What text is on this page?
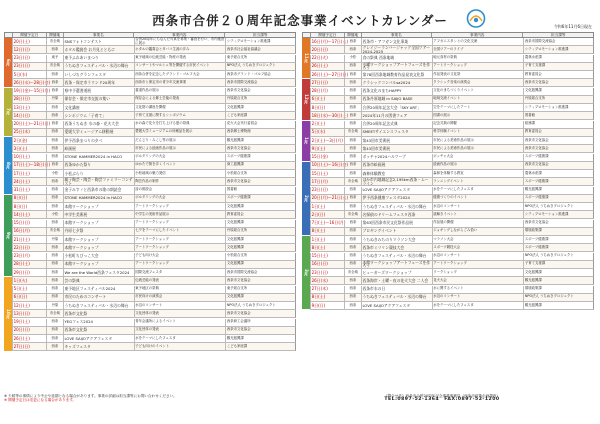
西条市合併２０周年記念事業イベントカレンダー	令和6年11月6日現在
開催予定日	開催地	事業名	事業内容	担当課等
20日(土)	市全域	SNSフォトコンテスト	合併20周年にちなんだ写真を募集・審査を行い、市内施設に展示	シティプロモーション推進課
12日(日)	西条	ホタル鑑賞会 お月見とともに	ホタルの鑑賞会とタバコ生涯の歩み	西条市社会福祉協議会
23日(日)	東予	東予ふれあいまつり	東予地域の伝統芸能・物産の発表	東予総合支所
23日(日)	市全域	うちぬきフェスティバル・水辺の舞台	コンサートやマルシェ等を開催する市民イベント	NPO法人 うちぬきプロジェクト
5日(水)	西条	いしづちグランフェスタ	西条合併を記念したグランド・ゴルフ大会	西条市グランド・ゴルフ協会
26日(水)〜28日(金) 西条	西条・保定市ラウンド20周年	西条市と保定市の青少年交流事業	西条市国際交流協会
19日(金)〜15日(月) 西条	県中予選書道展	書道作品の展示	西条市文化協会
28日(日)	丹原	保存会・保定市交流の集い	保存会による郷土芸能の発表	丹原総合支所
13日(土)	西条	文化講座	文化財の講座を開催	文化振興課
14日(日)	西条	シンポジウム「子育て」	子育て支援に関するシンポジウム	こども家庭課
20日(土)〜21日(日) 西条	西条うちぬき 水の森・花火大会	水の森で花火を打ち上げる夏の祭典	花火大会実行委員会
25日(木)	西条	愛媛大学ミュージアム移動展	愛媛大学ミュージアムの所蔵品を展示	西条郷土博物館
2日(金)	西条	伊予西条まつりの夕べ	だんじり・みこし等の展示	観光振興課
3日(土)	西条	絵画展	市民による絵画作品の展示	西条市文化協会
10日(土)	西条	STONE HAMMER2024 in HACO	ボルダリングの大会	スポーツ健康課
17日(土)〜18日(日) 西条	西条ゆかた祭り	ゆかたで街を歩くイベント	商工振興課
17日(土)	小松	小松ぶらり	小松地域の魅力発信	小松総合支所
24日(土)	西条	親子陶芸・陶芸・陶芸ファミリーコンテスト	陶芸作品の制作	西条市文化協会
31日(土)	西条	金子みすゞと西条市の歌の朗読会	詩の朗読会	図書館
8日(日)	西条	STONE HAMMER2024 in HACO	ボルダリングの大会	スポーツ健康課
8日(日)	西条	本館ワークショップ	アートワークショップ	文化振興課
14日(土)	小松	中学生美術展	中学生の美術作品展示	教育委員会
15日(日)	西条	本館ワークショップ	アートワークショップ	文化振興課
16日(月)	市全域	丹原七夕祭	七夕をテーマにしたイベント	丹原総合支所
21日(土)	丹原	本館ワークショップ	アートワークショップ	文化振興課
22日(日)	西条	本館ワークショップ	アートワークショップ	文化振興課
23日(月)	西条	小松町ちびっこ大会	子ども向け大会	小松総合支所
28日(土)	西条	本館ワークショップ	アートワークショップ	文化振興課
29日(日)	西条	We are the World西条フェスタ2024	国際交流フェスタ	西条市国際交流協会
1日(火)	西条	芸の祭典	伝統芸能の発表	西条市文化協会
5日(土)	西条	東予地区フェスティバル2024	東予地区の祭典	東予総合支所
6日(日)	西条	市民のためのコンサート	市民向けの演奏会	文化振興課
12日(土)	丹原	うちぬきフェスティバル・水辺の舞台	水辺のコンサート	NPO法人 うちぬきプロジェクト
13日(日)	市全域	西条市文化祭	文化団体の発表	西条市文化協会
19日(土)	西条	YEGフェス2024	青年会議所によるイベント	西条商工会議所
20日(日)	西条	西条市文化祭	文化団体の発表	西条市文化協会
26日(土)	西条	LOVE SAIJOアクアフェスタ	水をテーマにしたフェスタ	観光振興課
27日(日)	西条	キッズフェスタ	子ども向けのイベント	こども家庭課
6月
7月
8月
9月
10月
開催予定日	開催地	事業名	事業内容	担当課等
16日(月)〜17日(火) 西条	西条市・アフガン文化事業	アフガニスタンとの文化交流	西条市国際交流協会
20日(日)	西条	クレイジーランバージャック全国ツアー2024-2025	全国ツアーのライブ	シティプロモーション推進課
22日(火)	小松	食の祭典 西条地域	地元食材の祭典	農林水産課
26日(土)	西条	水曜ワークショップアートフェーズを作ろう	アートワークショップ	子育て支援課
26日(土)〜27日(日) 西条	第78回西条地域教育作品発表文化祭	作品発表の文化祭	教育委員会
27日(日)	西条	クラシックコンパルsa2024	クラシック音楽の演奏会	西条市文化協会
28日(月)	西条	西条文化のまちHAPPY	文化のまちづくりイベント	文化振興課
6日(土)	西条	西条丹原地域 in SAIJO BASE	地域交流イベント	丹原総合支所
8日(日)	西条	合併20周年記念大会「SKY ART」	空をテーマにしたアート	シティプロモーション推進課
18日(水)〜30日(土) 西条	2024年11月の図書フェア	図書の展示	図書館
2日(土)	西条	合併20周年記念式典	記念式典の開催	総務課
5日(水)	市全域	SMEETサイエンスフェスタ	科学体験イベント	教育委員会
2日(土)〜3日(月)	西条	第43回市美術展	市民による美術作品の展示	西条市文化協会
9日(土)	西条	第43回市美術展	市民による美術作品の展示	西条市文化協会
15日(金)	西条	ボッチャ2024ハルツーブ	ボッチャ大会	スポーツ健康課
10日(土)〜16日(金) 西条	西条市絵画展	絵画作品の展示	西条市文化協会
15日(土)	西条	森林体験教室	森林を体験する教室	農林水産課
17日(月)	市全域	ほか市内地域記念2,195km西条・ムーライン	ランニングイベント	スポーツ健康課
23日(日)	西条	LOVE SAIJOアクアフェスタ	水をテーマにしたフェスタ	観光振興課
20日(月)〜21日(火) 西条	伊予西条健康フェスタ2024	健康づくりのイベント	スポーツ健康課
1日(土)	西条	うちぬきフェスティバル・水辺の舞台	水辺のコンサート	NPO法人 うちぬきプロジェクト
2日(日)	市全域	名探偵のドリームフェスタ西条	謎解きイベント	シティプロモーション推進課
7日(土)〜16日(月)	西条	第63回西条市民文化祭作品展	作品展の開催	西条市文化協会
8日(土)	西条	ブロギングイベント	ジョギングしながらごみ拾い	環境政策課
1日(土)	西条	うちぬきみちのりマラソン大会	マラソン大会	スポーツ健康課
8日(土)	西条	西条市ミリリン競技大会	スポーツ競技大会	スポーツ健康課
15日(土)	西条	うちぬきフェスティバル・水辺の舞台	水辺のコンサート	NPO法人 うちぬきプロジェクト
16日(日)	西条	本館ワークショップアートフェーズを作ろう	アートワークショップ	子育て支援課
23日(日)	市全域	ヒューガーズワークショップ	ワークショップ	文化振興課
26日(水)	西条	西条海岸・土曜・夜の花火大会 二人会	花火大会	観光振興課
27日(木)	西条	西条市水の日	水に関するイベント	環境政策課
8日(土)	西条	うちぬきフェスティバル・水辺の舞台	水辺のコンサート	NPO法人 うちぬきプロジェクト
9日(日)	西条	LOVE SAIJOアクアフェスタ	水をテーマにしたフェスタ	観光振興課
11月
12月
1月
2月
3月
※ 天候等の事情により中止や延期となる場合があります。事業の詳細は担当課等にお問い合わせください。
※ 開催予定日は変更になる場合があります。
《問合せ先》西条市合併20周年記念事業事務局（西条市政策企画課内）
TEL:0897-52-1364　FAX:0897-52-1200
